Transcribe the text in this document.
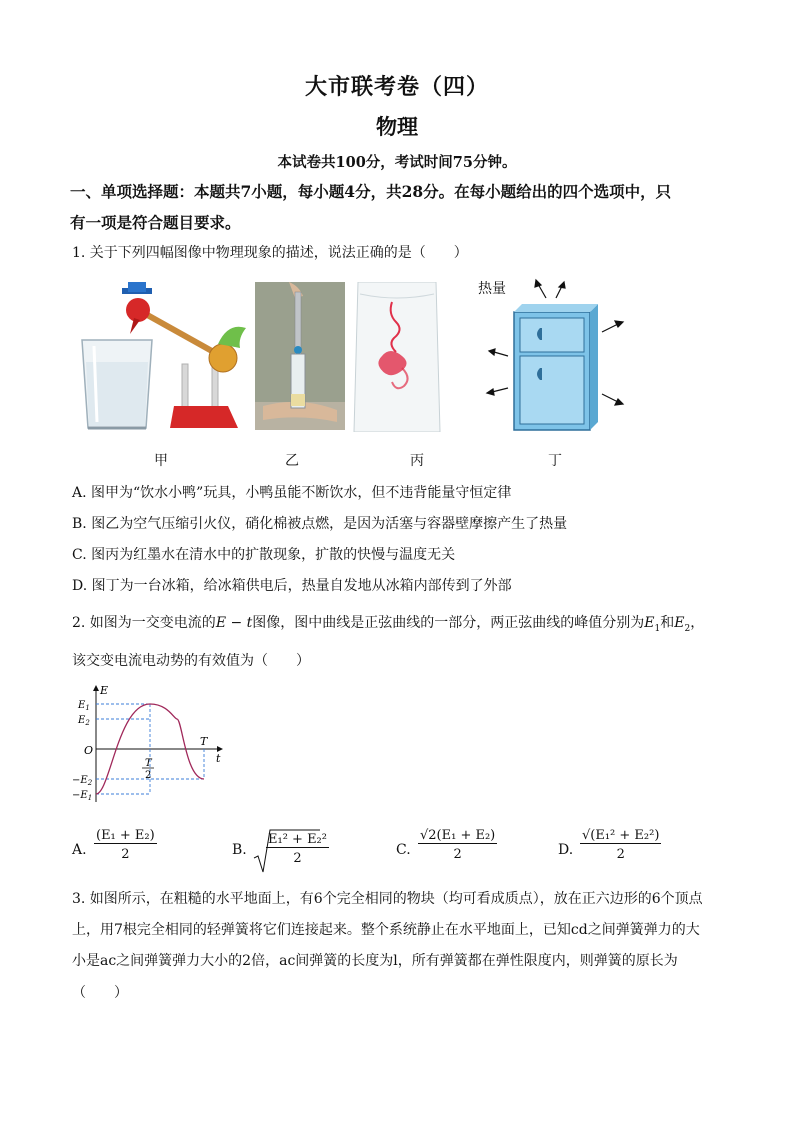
大市联考卷（四）
物理
本试卷共100分，考试时间75分钟。
一、单项选择题：本题共7小题，每小题4分，共28分。在每小题给出的四个选项中，只
有一项是符合题目要求。
1. 关于下列四幅图像中物理现象的描述，说法正确的是（　　）
热量
甲	乙	丙	丁
A. 图甲为“饮水小鸭”玩具，小鸭虽能不断饮水，但不违背能量守恒定律
B. 图乙为空气压缩引火仪，硝化棉被点燃，是因为活塞与容器壁摩擦产生了热量
C. 图丙为红墨水在清水中的扩散现象，扩散的快慢与温度无关
D. 图丁为一台冰箱，给冰箱供电后，热量自发地从冰箱内部传到了外部
2. 如图为一交变电流的E − t图像，图中曲线是正弦曲线的一部分，两正弦曲线的峰值分别为$E_1$和$E_2$，
该交变电流电动势的有效值为（　　）
E
t
O
T
T
2
$E_1$
$E_2$
$-E_2$
$-E_1$
A. $\frac{\text{(E₁ + E₂)}}{2}$	B. $\frac{\text{E₁² + E₂²}}{2}$	C. $\frac{\text{√2(E₁ + E₂)}}{2}$	D. $\frac{\text{√(E₁² + E₂²)}}{2}$
3. 如图所示，在粗糙的水平地面上，有6个完全相同的物块（均可看成质点），放在正六边形的6个顶点
上，用7根完全相同的轻弹簧将它们连接起来。整个系统静止在水平地面上，已知cd之间弹簧弹力的大
小是ac之间弹簧弹力大小的2倍，ac间弹簧的长度为l，所有弹簧都在弹性限度内，则弹簧的原长为
（　　）
